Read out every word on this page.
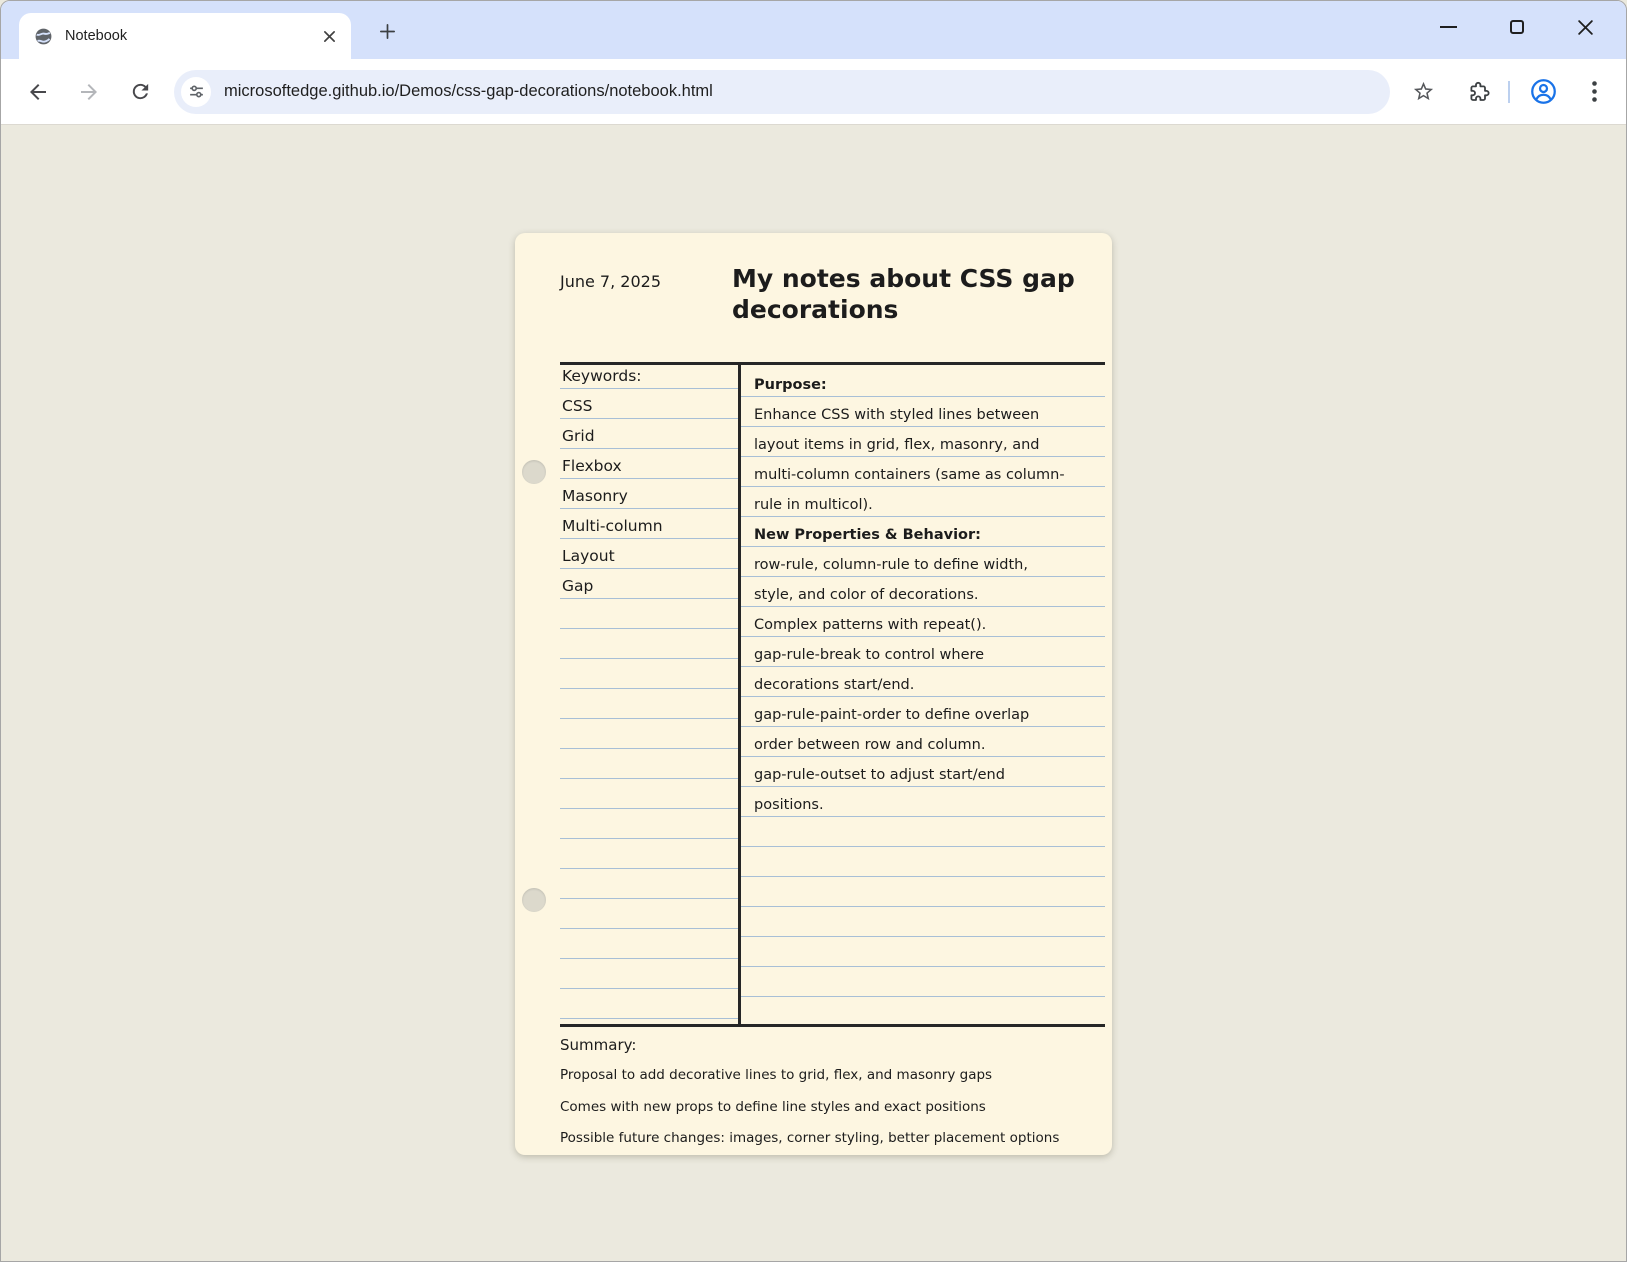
Notebook
microsoftedge.github.io/Demos/css-gap-decorations/notebook.html
June 7, 2025	My notes about CSS gap
decorations
Keywords:
CSS
Grid
Flexbox
Masonry
Multi-column
Layout
Gap
Purpose:
Enhance CSS with styled lines between
layout items in grid, flex, masonry, and
multi-column containers (same as column-
rule in multicol).
New Properties & Behavior:
row-rule, column-rule to define width,
style, and color of decorations.
Complex patterns with repeat().
gap-rule-break to control where
decorations start/end.
gap-rule-paint-order to define overlap
order between row and column.
gap-rule-outset to adjust start/end
positions.
Summary:
Proposal to add decorative lines to grid, flex, and masonry gaps
Comes with new props to define line styles and exact positions
Possible future changes: images, corner styling, better placement options
